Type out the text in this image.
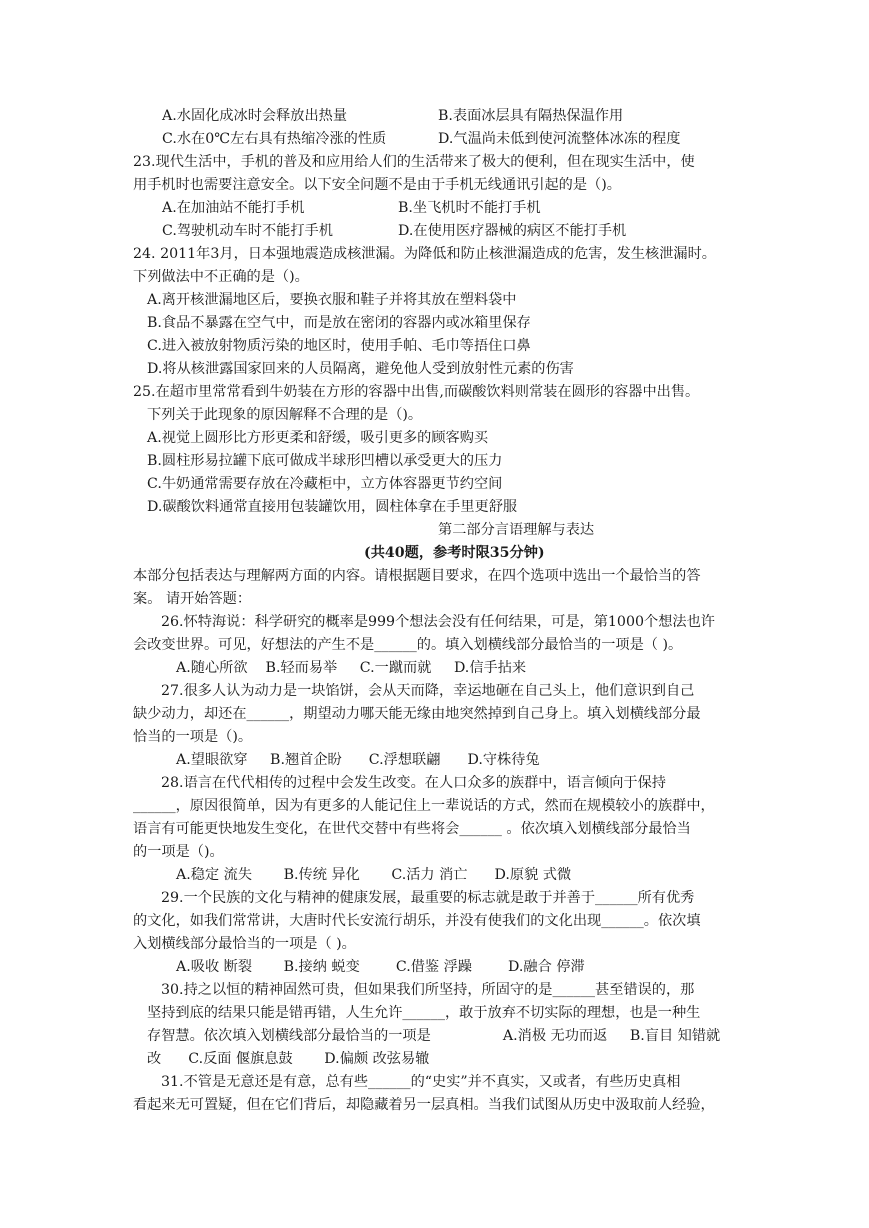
A.水固化成冰时会释放出热量	B.表面冰层具有隔热保温作用
C.水在0℃左右具有热缩冷涨的性质	D.气温尚未低到使河流整体冰冻的程度
23.现代生活中，手机的普及和应用给人们的生活带来了极大的便利，但在现实生活中，使
用手机时也需要注意安全。以下安全问题不是由于手机无线通讯引起的是（)。
A.在加油站不能打手机	B.坐飞机时不能打手机
C.驾驶机动车时不能打手机	D.在使用医疗器械的病区不能打手机
24. 2011年3月，日本强地震造成核泄漏。为降低和防止核泄漏造成的危害，发生核泄漏时。
下列做法中不正确的是（)。
A.离开核泄漏地区后，要换衣服和鞋子并将其放在塑料袋中
B.食品不暴露在空气中，而是放在密闭的容器内或冰箱里保存
C.进入被放射物质污染的地区时，使用手帕、毛巾等捂住口鼻
D.将从核泄露国家回来的人员隔离，避免他人受到放射性元素的伤害
25.在超市里常常看到牛奶装在方形的容器中出售,而碳酸饮料则常装在圆形的容器中出售。
下列关于此现象的原因解释不合理的是（)。
A.视觉上圆形比方形更柔和舒缓，吸引更多的顾客购买
B.圆柱形易拉罐下底可做成半球形凹槽以承受更大的压力
C.牛奶通常需要存放在冷藏柜中，立方体容器更节约空间
D.碳酸饮料通常直接用包装罐饮用，圆柱体拿在手里更舒服
第二部分言语理解与表达
(共40题，参考时限35分钟)
本部分包括表达与理解两方面的内容。请根据题目要求，在四个选项中选出一个最恰当的答
案。 请开始答题：
26.怀特海说：科学研究的概率是999个想法会没有任何结果，可是，第1000个想法也许
会改变世界。可见，好想法的产生不是______的。填入划横线部分最恰当的一项是（ )。
A.随心所欲    B.轻而易举     C.一蹴而就     D.信手拈来
27.很多人认为动力是一块馅饼，会从天而降，幸运地砸在自己头上，他们意识到自己
缺少动力，却还在______，期望动力哪天能无缘由地突然掉到自己身上。填入划横线部分最
恰当的一项是（)。
A.望眼欲穿     B.翘首企盼      C.浮想联翩      D.守株待兔
28.语言在代代相传的过程中会发生改变。在人口众多的族群中，语言倾向于保持
______，原因很简单，因为有更多的人能记住上一辈说话的方式，然而在规模较小的族群中，
语言有可能更快地发生变化，在世代交替中有些将会______ 。依次填入划横线部分最恰当
的一项是（)。
A.稳定 流失       B.传统 异化       C.活力 消亡      D.原貌 式微
29.一个民族的文化与精神的健康发展，最重要的标志就是敢于并善于______所有优秀
的文化，如我们常常讲，大唐时代长安流行胡乐，并没有使我们的文化出现______。依次填
入划横线部分最恰当的一项是（ )。
A.吸收 断裂       B.接纳 蜕变        C.借鉴 浮躁        D.融合 停滞
30.持之以恒的精神固然可贵，但如果我们所坚持，所固守的是______甚至错误的，那
坚持到底的结果只能是错再错，人生允许______，敢于放弃不切实际的理想，也是一种生
存智慧。依次填入划横线部分最恰当的一项是                A.消极 无功而返     B.盲目 知错就
改      C.反面 偃旗息鼓       D.偏颇 改弦易辙
31.不管是无意还是有意，总有些______的“史实”并不真实，又或者，有些历史真相
看起来无可置疑，但在它们背后，却隐藏着另一层真相。当我们试图从历史中汲取前人经验，
